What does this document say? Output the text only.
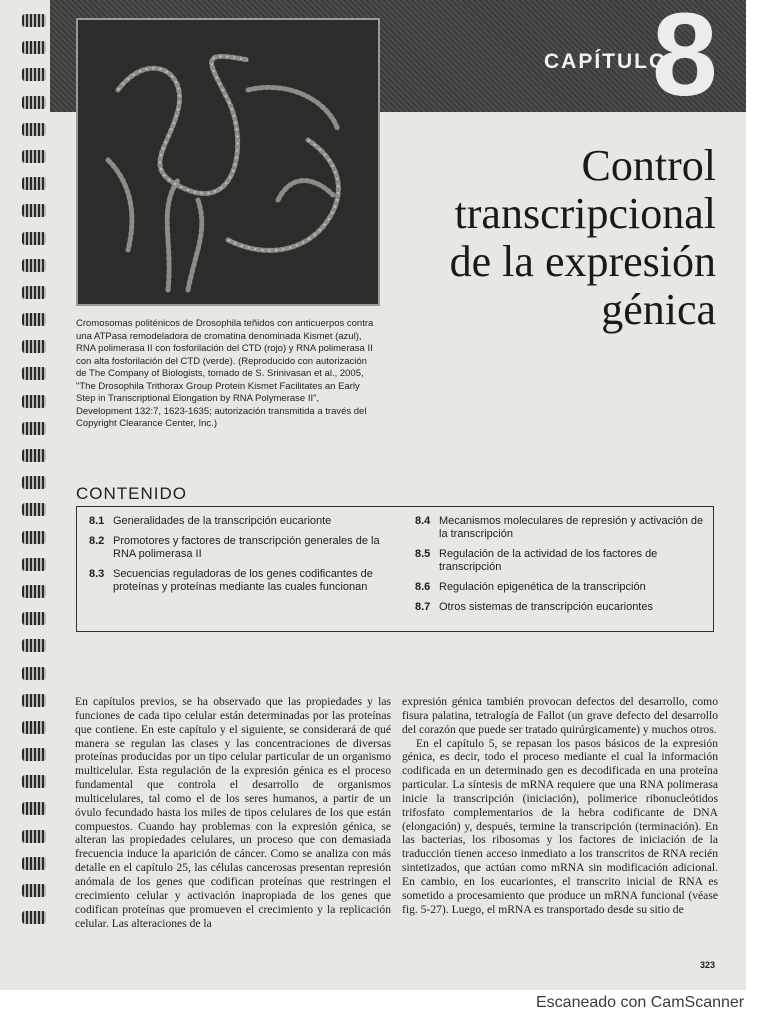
CAPÍTULO
8
Control
transcripcional
de la expresión
génica
Cromosomas politénicos de Drosophila teñidos con anticuerpos contra una ATPasa remodeladora de cromatina denominada Kismet (azul), RNA polimerasa II con fosforilación del CTD (rojo) y RNA polimerasa II con alta fosforilación del CTD (verde). (Reproducido con autorización de The Company of Biologists, tomado de S. Srinivasan et al., 2005, "The Drosophila Trithorax Group Protein Kismet Facilitates an Early Step in Transcriptional Elongation by RNA Polymerase II", Development 132:7, 1623-1635; autorización transmitida a través del Copyright Clearance Center, Inc.)
CONTENIDO
8.1 Generalidades de la transcripción eucarionte
8.2 Promotores y factores de transcripción generales de la RNA polimerasa II
8.3 Secuencias reguladoras de los genes codificantes de proteínas y proteínas mediante las cuales funcionan
8.4 Mecanismos moleculares de represión y activación de la transcripción
8.5 Regulación de la actividad de los factores de transcripción
8.6 Regulación epigenética de la transcripción
8.7 Otros sistemas de transcripción eucariontes

En capítulos previos, se ha observado que las propiedades y las funciones de cada tipo celular están determinadas por las proteínas que contiene. En este capítulo y el siguiente, se considerará de qué manera se regulan las clases y las concentraciones de diversas proteínas producidas por un tipo celular particular de un organismo multicelular. Esta regulación de la expresión génica es el proceso fundamental que controla el desarrollo de organismos multicelulares, tal como el de los seres humanos, a partir de un óvulo fecundado hasta los miles de tipos celulares de los que están compuestos. Cuando hay problemas con la expresión génica, se alteran las propiedades celulares, un proceso que con demasiada frecuencia induce la aparición de cáncer. Como se analiza con más detalle en el capítulo 25, las células cancerosas presentan represión anómala de los genes que codifican proteínas que restringen el crecimiento celular y activación inapropiada de los genes que codifican proteínas que promueven el crecimiento y la replicación celular. Las alteraciones de la

expresión génica también provocan defectos del desarrollo, como fisura palatina, tetralogía de Fallot (un grave defecto del desarrollo del corazón que puede ser tratado quirúrgicamente) y muchos otros.

En el capítulo 5, se repasan los pasos básicos de la expresión génica, es decir, todo el proceso mediante el cual la información codificada en un determinado gen es decodificada en una proteína particular. La síntesis de mRNA requiere que una RNA polimerasa inicie la transcripción (iniciación), polimerice ribonucleótidos trifosfato complementarios de la hebra codificante de DNA (elongación) y, después, termine la transcripción (terminación). En las bacterias, los ribosomas y los factores de iniciación de la traducción tienen acceso inmediato a los transcritos de RNA recién sintetizados, que actúan como mRNA sin modificación adicional. En cambio, en los eucariontes, el transcrito inicial de RNA es sometido a procesamiento que produce un mRNA funcional (véase fig. 5-27). Luego, el mRNA es transportado desde su sitio de

323
Escaneado con CamScanner
